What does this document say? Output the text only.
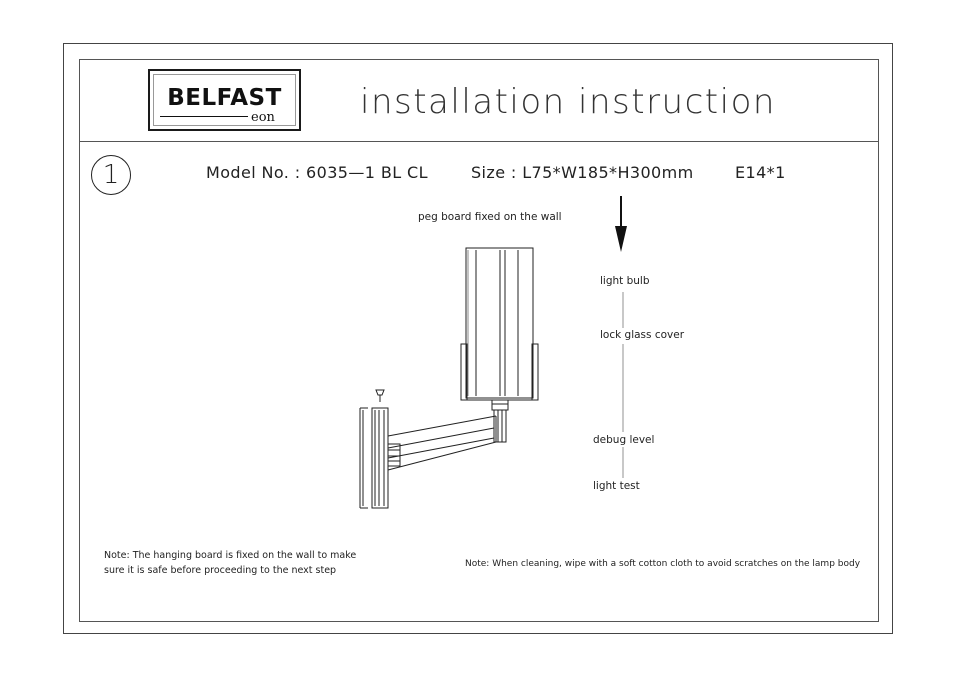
BELFAST
eon	installation instruction
1	Model No. : 6035—1 BL CL	Size : L75*W185*H300mm	E14*1
peg board fixed on the wall
light bulb
lock glass cover
debug level
light test
Note: The hanging board is fixed on the wall to make
sure it is safe before proceeding to the next step
Note: When cleaning, wipe with a soft cotton cloth to avoid scratches on the lamp body
